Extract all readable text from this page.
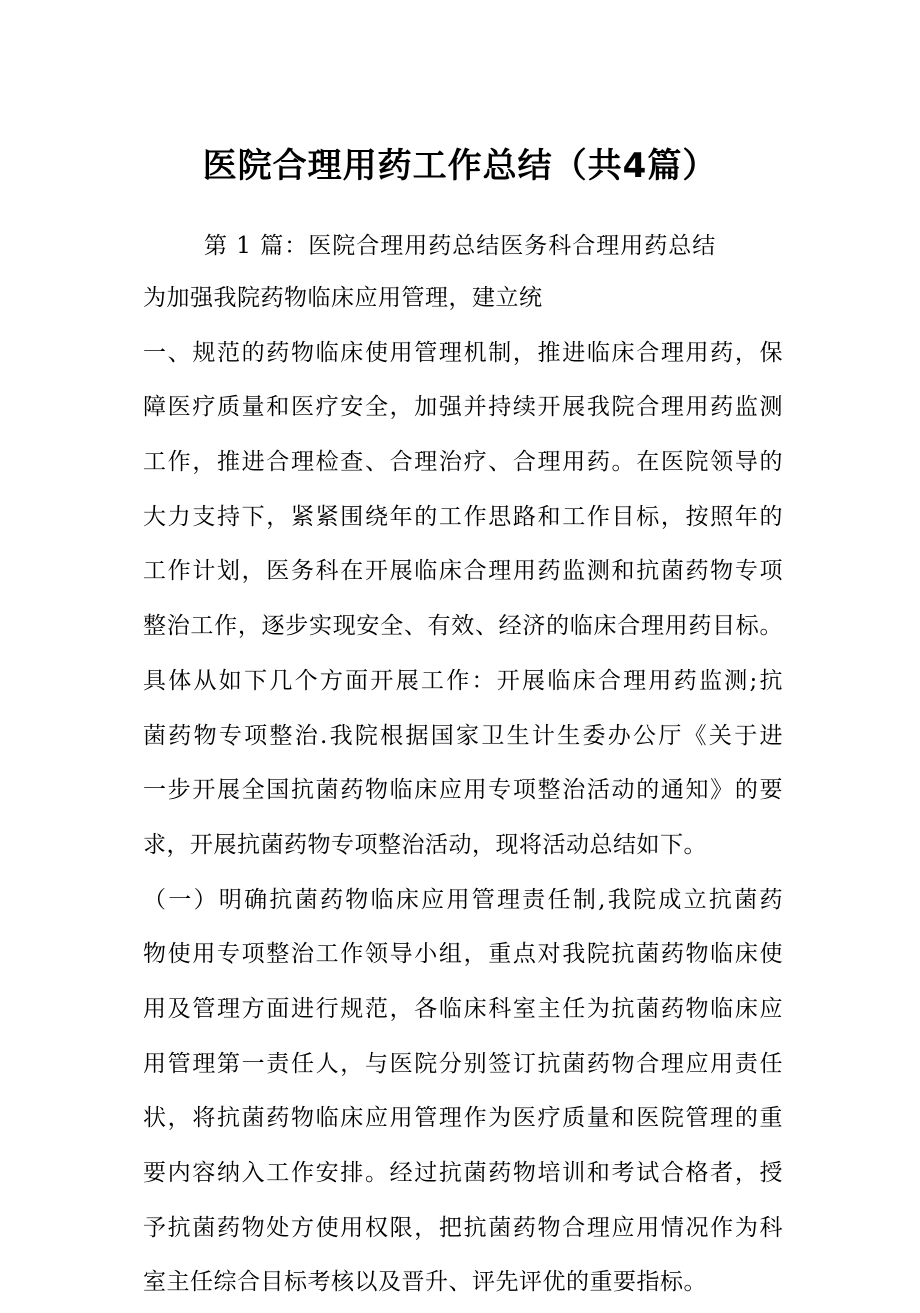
医院合理用药工作总结（共4篇）
第 1 篇：医院合理用药总结医务科合理用药总结
为加强我院药物临床应用管理，建立统
一、规范的药物临床使用管理机制，推进临床合理用药，保
障医疗质量和医疗安全，加强并持续开展我院合理用药监测
工作，推进合理检查、合理治疗、合理用药。在医院领导的
大力支持下，紧紧围绕年的工作思路和工作目标，按照年的
工作计划，医务科在开展临床合理用药监测和抗菌药物专项
整治工作，逐步实现安全、有效、经济的临床合理用药目标。
具体从如下几个方面开展工作：开展临床合理用药监测;抗
菌药物专项整治.我院根据国家卫生计生委办公厅《关于进
一步开展全国抗菌药物临床应用专项整治活动的通知》的要
求，开展抗菌药物专项整治活动，现将活动总结如下。
（一）明确抗菌药物临床应用管理责任制,我院成立抗菌药
物使用专项整治工作领导小组，重点对我院抗菌药物临床使
用及管理方面进行规范，各临床科室主任为抗菌药物临床应
用管理第一责任人，与医院分别签订抗菌药物合理应用责任
状，将抗菌药物临床应用管理作为医疗质量和医院管理的重
要内容纳入工作安排。经过抗菌药物培训和考试合格者，授
予抗菌药物处方使用权限，把抗菌药物合理应用情况作为科
室主任综合目标考核以及晋升、评先评优的重要指标。
